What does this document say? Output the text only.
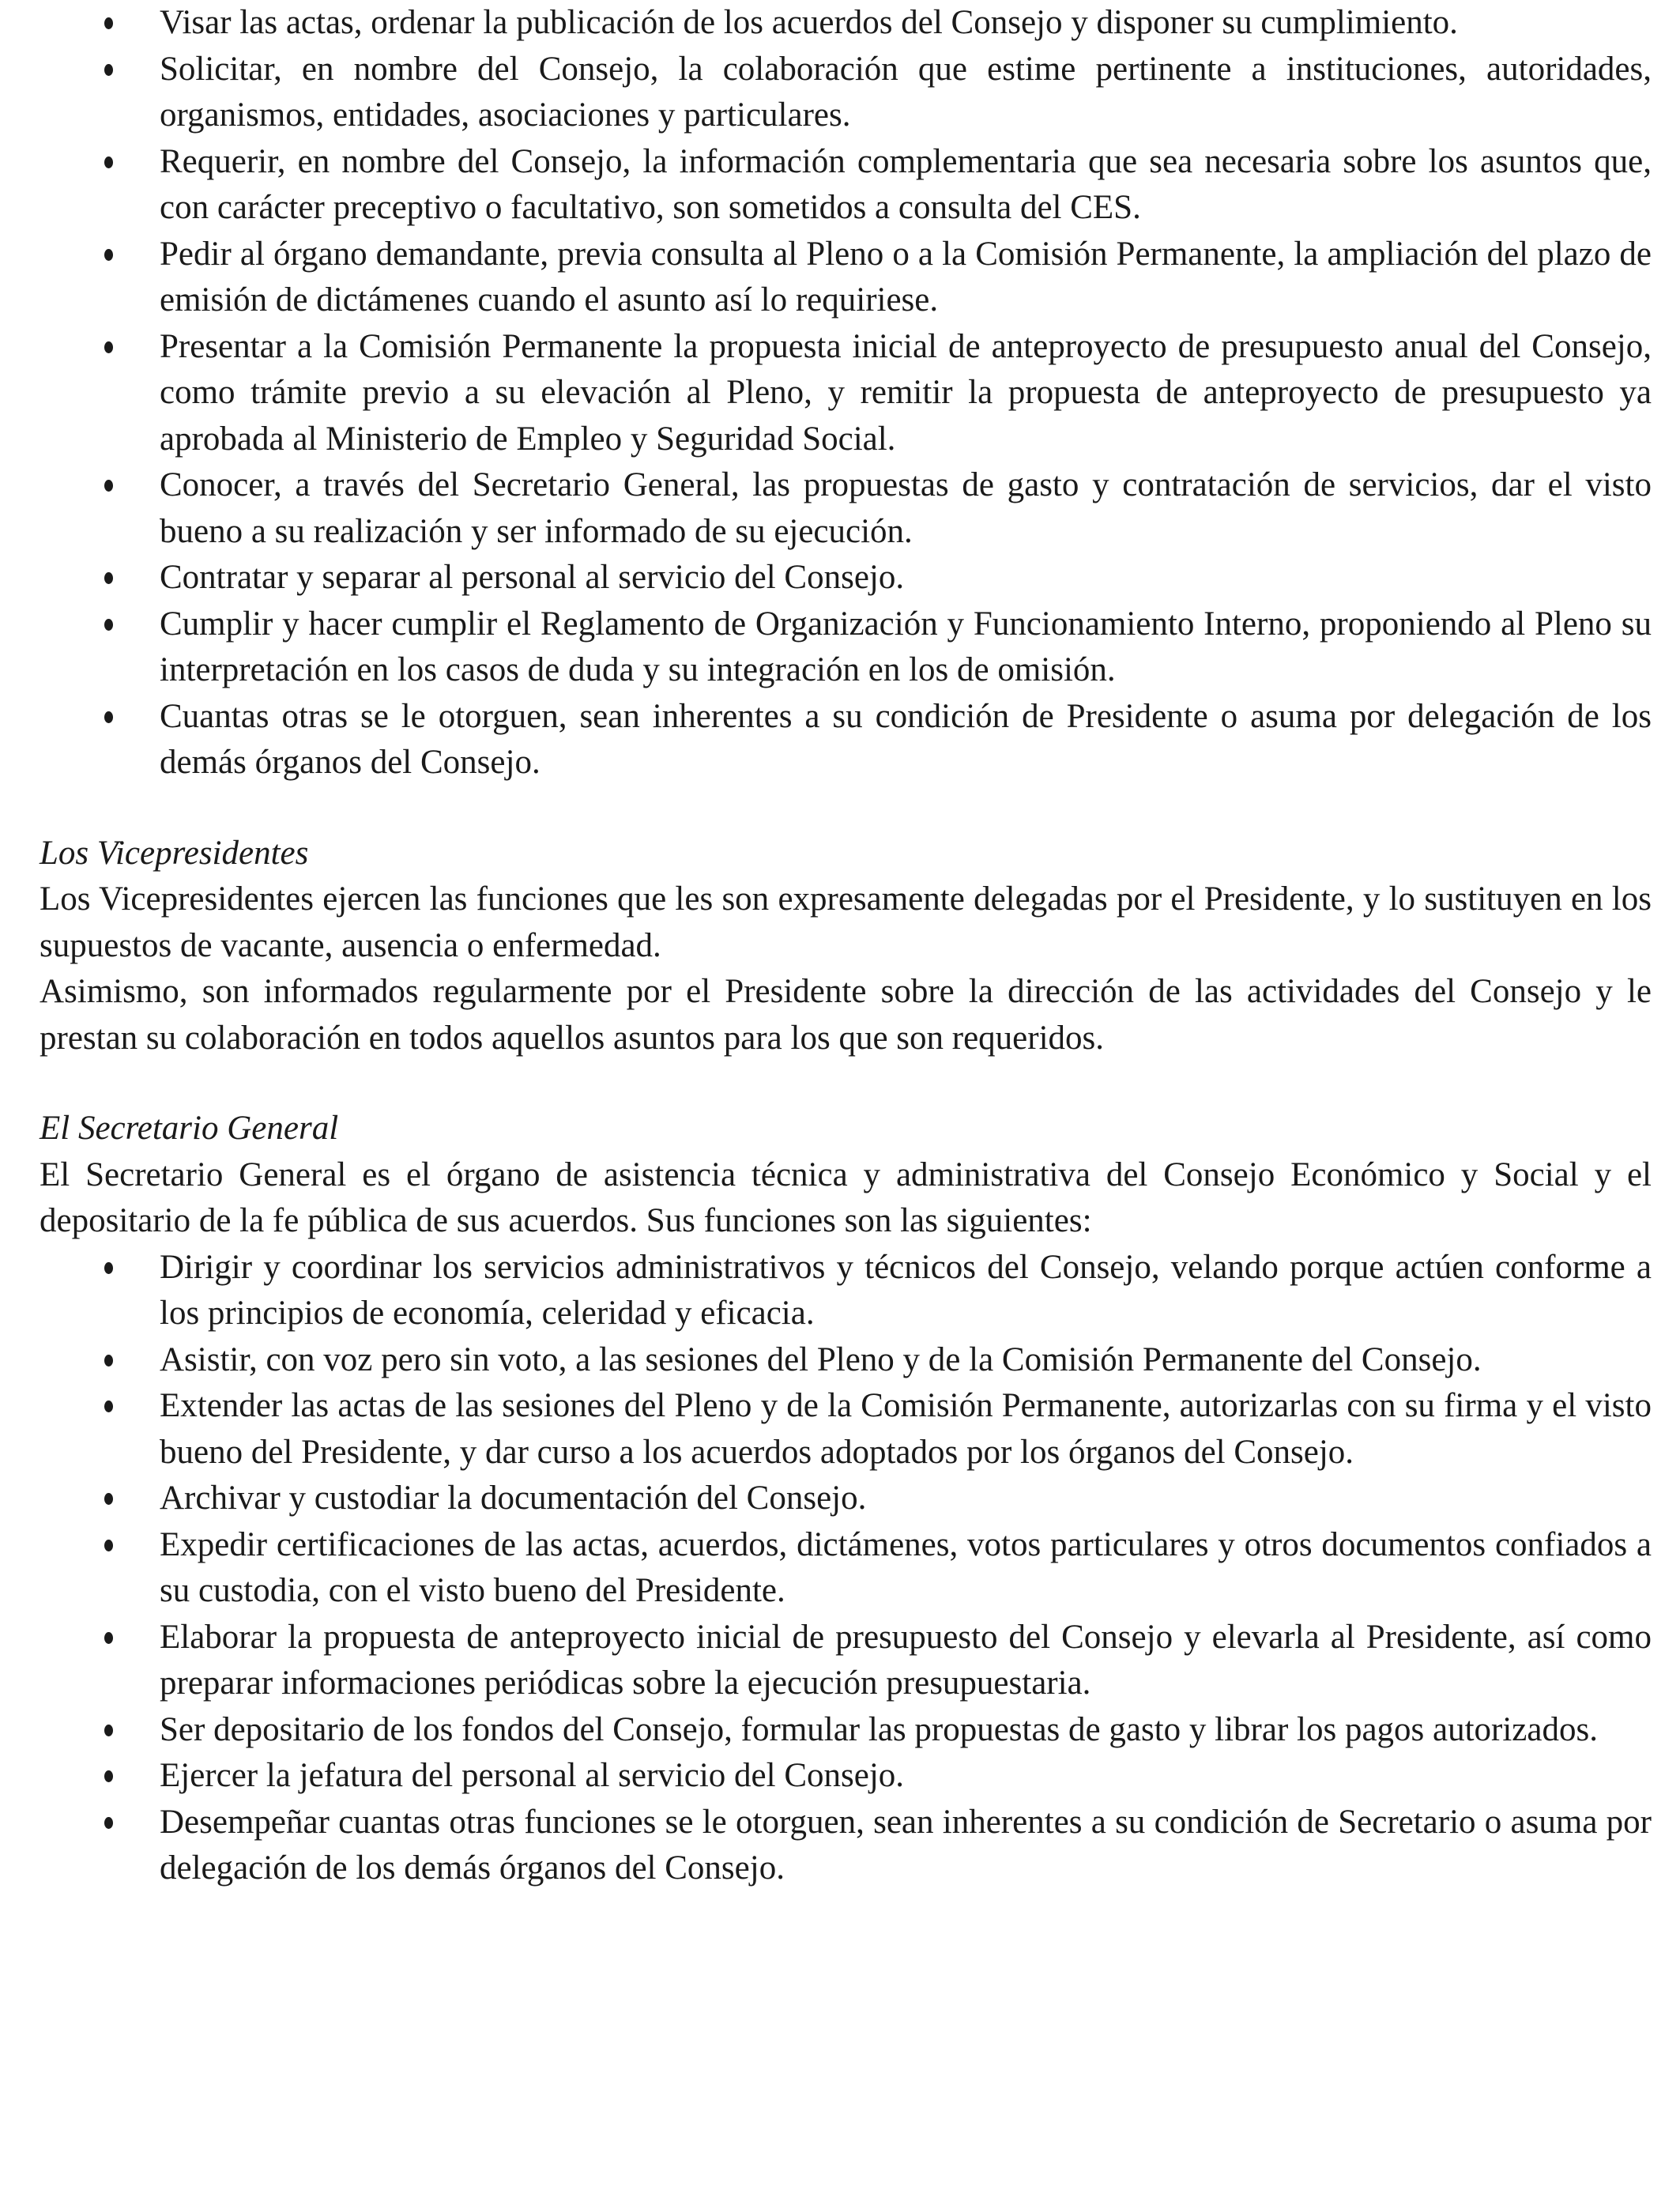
Visar las actas, ordenar la publicación de los acuerdos del Consejo y disponer su cumplimiento.
Solicitar, en nombre del Consejo, la colaboración que estime pertinente a instituciones, autoridades, organismos, entidades, asociaciones y particulares.
Requerir, en nombre del Consejo, la información complementaria que sea necesaria sobre los asuntos que, con carácter preceptivo o facultativo, son sometidos a consulta del CES.
Pedir al órgano demandante, previa consulta al Pleno o a la Comisión Permanente, la ampliación del plazo de emisión de dictámenes cuando el asunto así lo requiriese.
Presentar a la Comisión Permanente la propuesta inicial de anteproyecto de presupuesto anual del Consejo, como trámite previo a su elevación al Pleno, y remitir la propuesta de anteproyecto de presupuesto ya aprobada al Ministerio de Empleo y Seguridad Social.
Conocer, a través del Secretario General, las propuestas de gasto y contratación de servicios, dar el visto bueno a su realización y ser informado de su ejecución.
Contratar y separar al personal al servicio del Consejo.
Cumplir y hacer cumplir el Reglamento de Organización y Funcionamiento Interno, proponiendo al Pleno su interpretación en los casos de duda y su integración en los de omisión.
Cuantas otras se le otorguen, sean inherentes a su condición de Presidente o asuma por delegación de los demás órganos del Consejo.
Los Vicepresidentes

Los Vicepresidentes ejercen las funciones que les son expresamente delegadas por el Presidente, y lo sustituyen en los supuestos de vacante, ausencia o enfermedad.

Asimismo, son informados regularmente por el Presidente sobre la dirección de las actividades del Consejo y le prestan su colaboración en todos aquellos asuntos para los que son requeridos.

El Secretario General

El Secretario General es el órgano de asistencia técnica y administrativa del Consejo Económico y Social y el depositario de la fe pública de sus acuerdos. Sus funciones son las siguientes:

Dirigir y coordinar los servicios administrativos y técnicos del Consejo, velando porque actúen conforme a los principios de economía, celeridad y eficacia.
Asistir, con voz pero sin voto, a las sesiones del Pleno y de la Comisión Permanente del Consejo.
Extender las actas de las sesiones del Pleno y de la Comisión Permanente, autorizarlas con su firma y el visto bueno del Presidente, y dar curso a los acuerdos adoptados por los órganos del Consejo.
Archivar y custodiar la documentación del Consejo.
Expedir certificaciones de las actas, acuerdos, dictámenes, votos particulares y otros documentos confiados a su custodia, con el visto bueno del Presidente.
Elaborar la propuesta de anteproyecto inicial de presupuesto del Consejo y elevarla al Presidente, así como preparar informaciones periódicas sobre la ejecución presupuestaria.
Ser depositario de los fondos del Consejo, formular las propuestas de gasto y librar los pagos autorizados.
Ejercer la jefatura del personal al servicio del Consejo.
Desempeñar cuantas otras funciones se le otorguen, sean inherentes a su condición de Secretario o asuma por delegación de los demás órganos del Consejo.
